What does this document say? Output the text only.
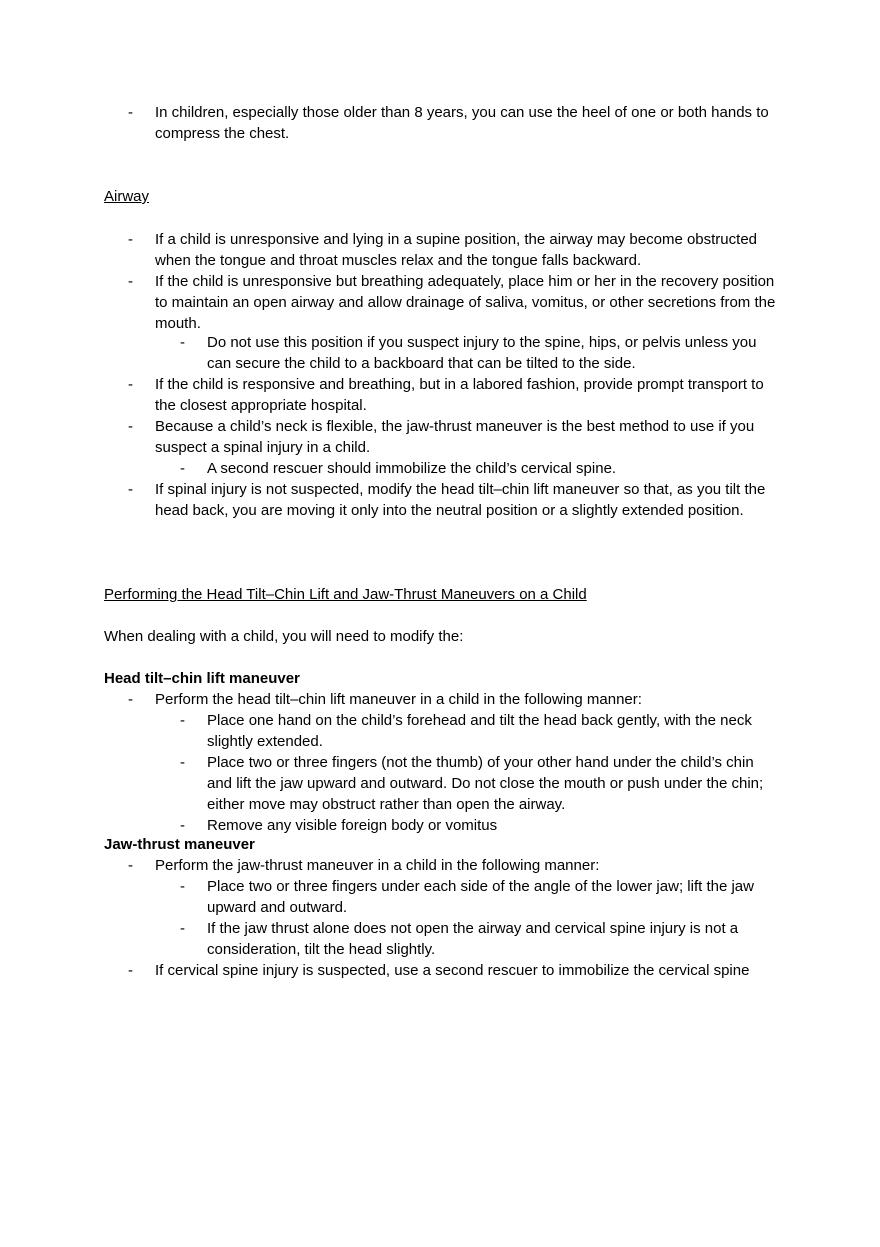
- In children, especially those older than 8 years, you can use the heel of one or both hands to compress the chest.

Airway

- If a child is unresponsive and lying in a supine position, the airway may become obstructed when the tongue and throat muscles relax and the tongue falls backward.
- If the child is unresponsive but breathing adequately, place him or her in the recovery position to maintain an open airway and allow drainage of saliva, vomitus, or other secretions from the mouth.
- Do not use this position if you suspect injury to the spine, hips, or pelvis unless you can secure the child to a backboard that can be tilted to the side.
- If the child is responsive and breathing, but in a labored fashion, provide prompt transport to the closest appropriate hospital.
- Because a child’s neck is flexible, the jaw-thrust maneuver is the best method to use if you suspect a spinal injury in a child.
- A second rescuer should immobilize the child’s cervical spine.
- If spinal injury is not suspected, modify the head tilt–chin lift maneuver so that, as you tilt the head back, you are moving it only into the neutral position or a slightly extended position.

Performing the Head Tilt–Chin Lift and Jaw-Thrust Maneuvers on a Child

When dealing with a child, you will need to modify the:

Head tilt–chin lift maneuver

- Perform the head tilt–chin lift maneuver in a child in the following manner:
- Place one hand on the child’s forehead and tilt the head back gently, with the neck slightly extended.
- Place two or three fingers (not the thumb) of your other hand under the child’s chin and lift the jaw upward and outward. Do not close the mouth or push under the chin; either move may obstruct rather than open the airway.
- Remove any visible foreign body or vomitus

Jaw-thrust maneuver

- Perform the jaw-thrust maneuver in a child in the following manner:
- Place two or three fingers under each side of the angle of the lower jaw; lift the jaw upward and outward.
- If the jaw thrust alone does not open the airway and cervical spine injury is not a consideration, tilt the head slightly.
- If cervical spine injury is suspected, use a second rescuer to immobilize the cervical spine
